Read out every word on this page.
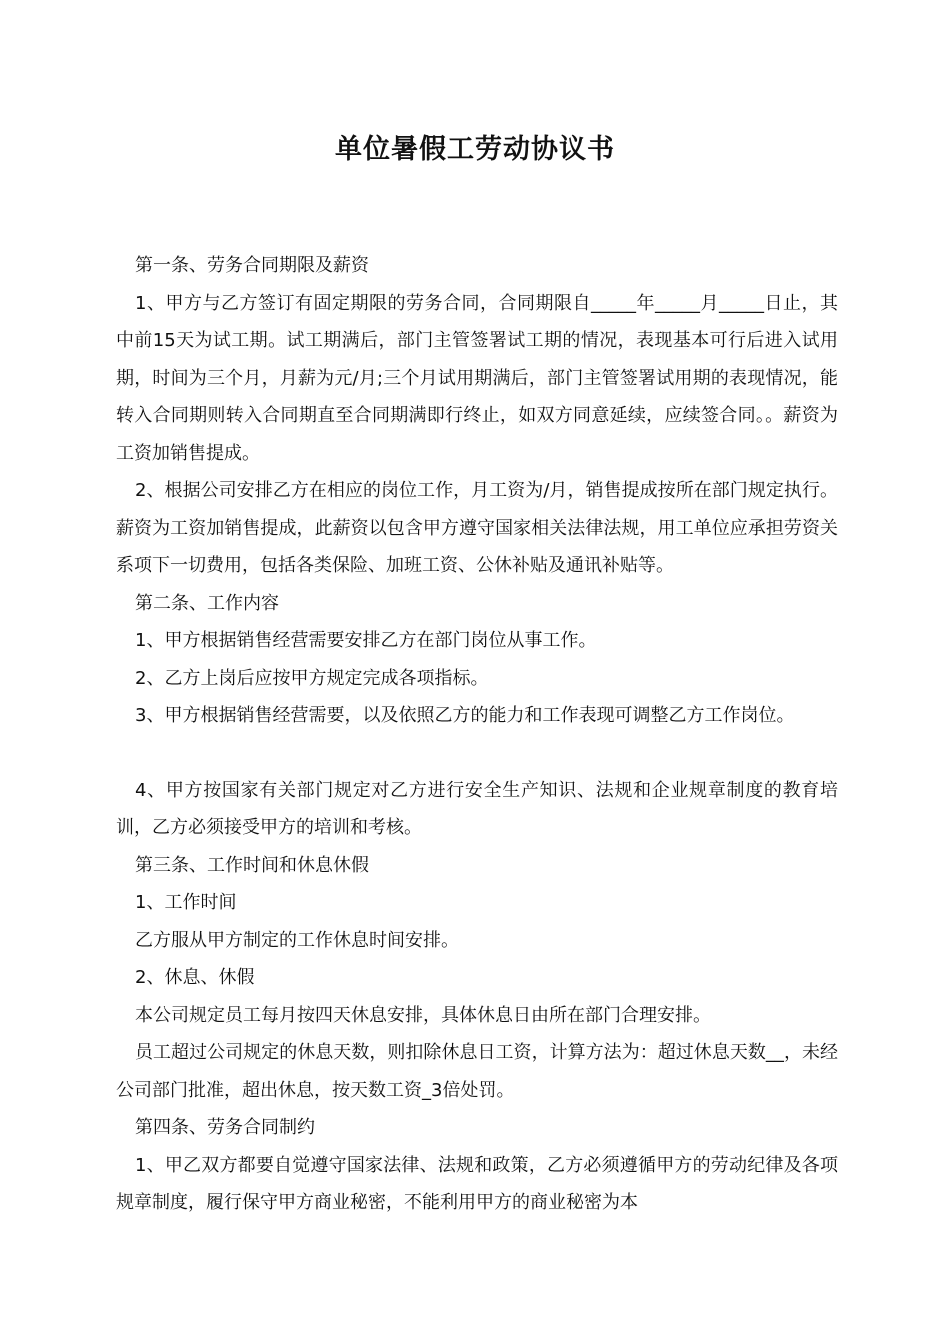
单位暑假工劳动协议书

第一条、劳务合同期限及薪资

1、甲方与乙方签订有固定期限的劳务合同，合同期限自_____年_____月_____日止，其中前15天为试工期。试工期满后，部门主管签署试工期的情况，表现基本可行后进入试用期，时间为三个月，月薪为元/月;三个月试用期满后，部门主管签署试用期的表现情况，能转入合同期则转入合同期直至合同期满即行终止，如双方同意延续，应续签合同。。薪资为工资加销售提成。

2、根据公司安排乙方在相应的岗位工作，月工资为/月，销售提成按所在部门规定执行。薪资为工资加销售提成，此薪资以包含甲方遵守国家相关法律法规，用工单位应承担劳资关系项下一切费用，包括各类保险、加班工资、公休补贴及通讯补贴等。

第二条、工作内容

1、甲方根据销售经营需要安排乙方在部门岗位从事工作。

2、乙方上岗后应按甲方规定完成各项指标。

3、甲方根据销售经营需要，以及依照乙方的能力和工作表现可调整乙方工作岗位。

4、甲方按国家有关部门规定对乙方进行安全生产知识、法规和企业规章制度的教育培训，乙方必须接受甲方的培训和考核。

第三条、工作时间和休息休假

1、工作时间

乙方服从甲方制定的工作休息时间安排。

2、休息、休假

本公司规定员工每月按四天休息安排，具体休息日由所在部门合理安排。

员工超过公司规定的休息天数，则扣除休息日工资，计算方法为：超过休息天数__，未经公司部门批准，超出休息，按天数工资_3倍处罚。

第四条、劳务合同制约

1、甲乙双方都要自觉遵守国家法律、法规和政策，乙方必须遵循甲方的劳动纪律及各项规章制度，履行保守甲方商业秘密，不能利用甲方的商业秘密为本
